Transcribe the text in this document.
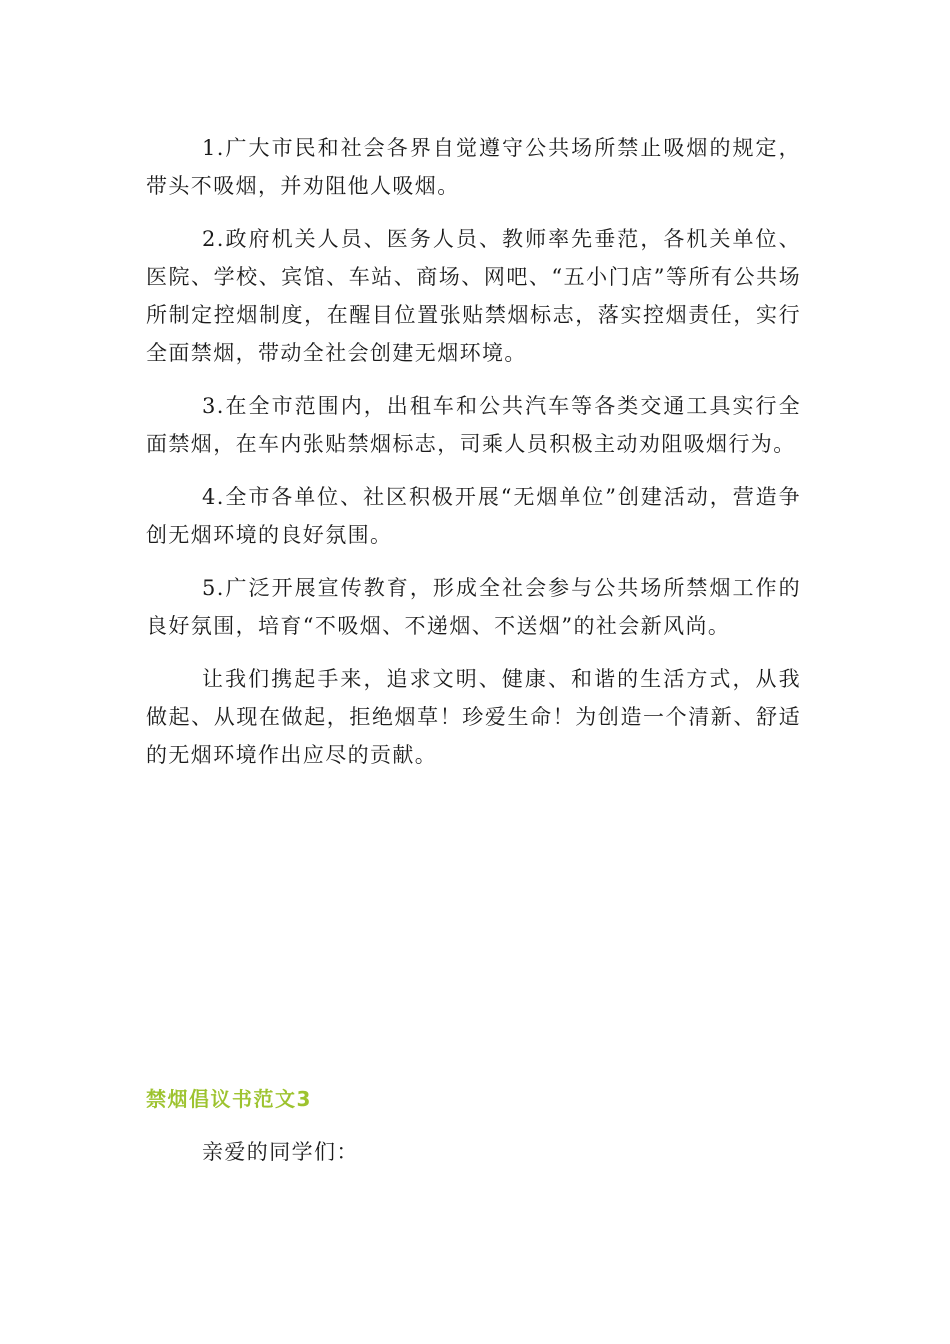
1.广大市民和社会各界自觉遵守公共场所禁止吸烟的规定，带头不吸烟，并劝阻他人吸烟。

2.政府机关人员、医务人员、教师率先垂范，各机关单位、医院、学校、宾馆、车站、商场、网吧、“五小门店”等所有公共场所制定控烟制度，在醒目位置张贴禁烟标志，落实控烟责任，实行全面禁烟，带动全社会创建无烟环境。

3.在全市范围内，出租车和公共汽车等各类交通工具实行全面禁烟，在车内张贴禁烟标志，司乘人员积极主动劝阻吸烟行为。

4.全市各单位、社区积极开展“无烟单位”创建活动，营造争创无烟环境的良好氛围。

5.广泛开展宣传教育，形成全社会参与公共场所禁烟工作的良好氛围，培育“不吸烟、不递烟、不送烟”的社会新风尚。

让我们携起手来，追求文明、健康、和谐的生活方式，从我做起、从现在做起，拒绝烟草！珍爱生命！为创造一个清新、舒适的无烟环境作出应尽的贡献。

禁烟倡议书范文3

亲爱的同学们：
